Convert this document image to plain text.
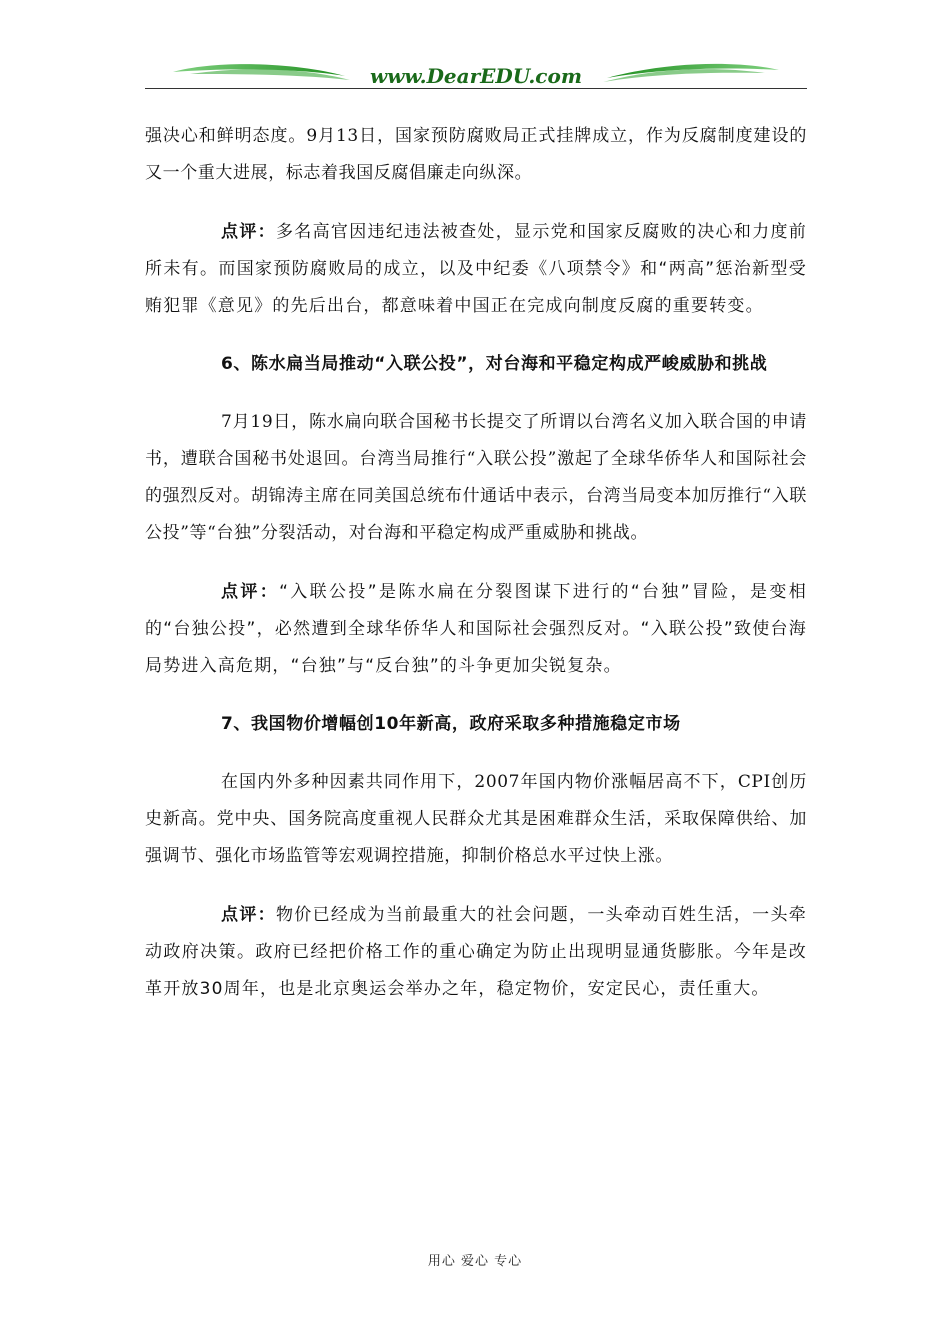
www.DearEDU.com

强决心和鲜明态度。9月13日，国家预防腐败局正式挂牌成立，作为反腐制度建设的又一个重大进展，标志着我国反腐倡廉走向纵深。

点评：多名高官因违纪违法被查处，显示党和国家反腐败的决心和力度前所未有。而国家预防腐败局的成立，以及中纪委《八项禁令》和“两高”惩治新型受贿犯罪《意见》的先后出台，都意味着中国正在完成向制度反腐的重要转变。

6、陈水扁当局推动“入联公投”，对台海和平稳定构成严峻威胁和挑战

7月19日，陈水扁向联合国秘书长提交了所谓以台湾名义加入联合国的申请书，遭联合国秘书处退回。台湾当局推行“入联公投”激起了全球华侨华人和国际社会的强烈反对。胡锦涛主席在同美国总统布什通话中表示，台湾当局变本加厉推行“入联公投”等“台独”分裂活动，对台海和平稳定构成严重威胁和挑战。

点评：“入联公投”是陈水扁在分裂图谋下进行的“台独”冒险，是变相的“台独公投”，必然遭到全球华侨华人和国际社会强烈反对。“入联公投”致使台海局势进入高危期，“台独”与“反台独”的斗争更加尖锐复杂。

7、我国物价增幅创10年新高，政府采取多种措施稳定市场

在国内外多种因素共同作用下，2007年国内物价涨幅居高不下，CPI创历史新高。党中央、国务院高度重视人民群众尤其是困难群众生活，采取保障供给、加强调节、强化市场监管等宏观调控措施，抑制价格总水平过快上涨。

点评：物价已经成为当前最重大的社会问题，一头牵动百姓生活，一头牵动政府决策。政府已经把价格工作的重心确定为防止出现明显通货膨胀。今年是改革开放30周年，也是北京奥运会举办之年，稳定物价，安定民心，责任重大。

用心 爱心 专心
